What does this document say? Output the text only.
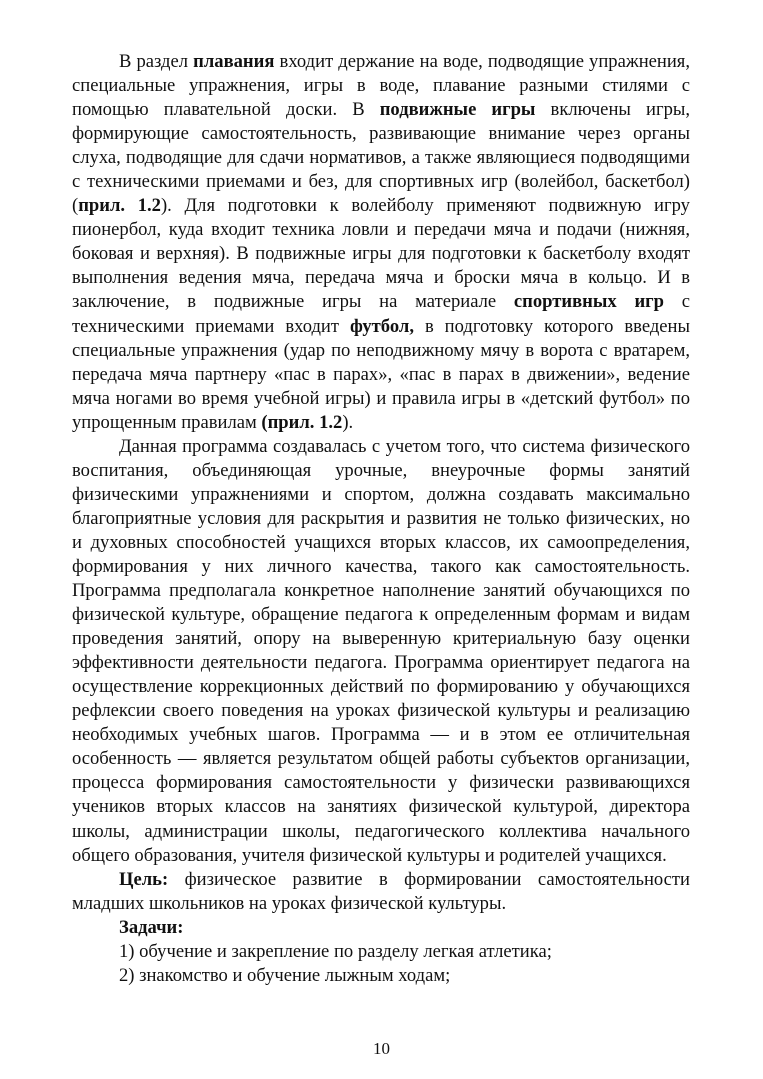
В раздел плавания входит держание на воде, подводящие упражнения, специальные упражнения, игры в воде, плавание разными стилями с помощью плавательной доски. В подвижные игры включены игры, формирующие самостоятельность, развивающие внимание через органы слуха, подводящие для сдачи нормативов, а также являющиеся подводящими с техническими приемами и без, для спортивных игр (волейбол, баскетбол) (прил. 1.2). Для подготовки к волейболу применяют подвижную игру пионербол, куда входит техника ловли и передачи мяча и подачи (нижняя, боковая и верхняя). В подвижные игры для подготовки к баскетболу входят выполнения ведения мяча, передача мяча и броски мяча в кольцо. И в заключение, в подвижные игры на материале спортивных игр с техническими приемами входит футбол, в подготовку которого введены специальные упражнения (удар по неподвижному мячу в ворота с вратарем, передача мяча партнеру «пас в парах», «пас в парах в движении», ведение мяча ногами во время учебной игры) и правила игры в «детский футбол» по упрощенным правилам (прил. 1.2).

Данная программа создавалась с учетом того, что система физического воспитания, объединяющая урочные, внеурочные формы занятий физическими упражнениями и спортом, должна создавать максимально благоприятные условия для раскрытия и развития не только физических, но и духовных способностей учащихся вторых классов, их самоопределения, формирования у них личного качества, такого как самостоятельность. Программа предполагала конкретное наполнение занятий обучающихся по физической культуре, обращение педагога к определенным формам и видам проведения занятий, опору на выверенную критериальную базу оценки эффективности деятельности педагога. Программа ориентирует педагога на осуществление коррекционных действий по формированию у обучающихся рефлексии своего поведения на уроках физической культуры и реализацию необходимых учебных шагов. Программа — и в этом ее отличительная особенность — является результатом общей работы субъектов организации, процесса формирования самостоятельности у физически развивающихся учеников вторых классов на занятиях физической культурой, директора школы, администрации школы, педагогического коллектива начального общего образования, учителя физической культуры и родителей учащихся.

Цель: физическое развитие в формировании самостоятельности младших школьников на уроках физической культуры.

Задачи:

1) обучение и закрепление по разделу легкая атлетика;

2) знакомство и обучение лыжным ходам;

10
